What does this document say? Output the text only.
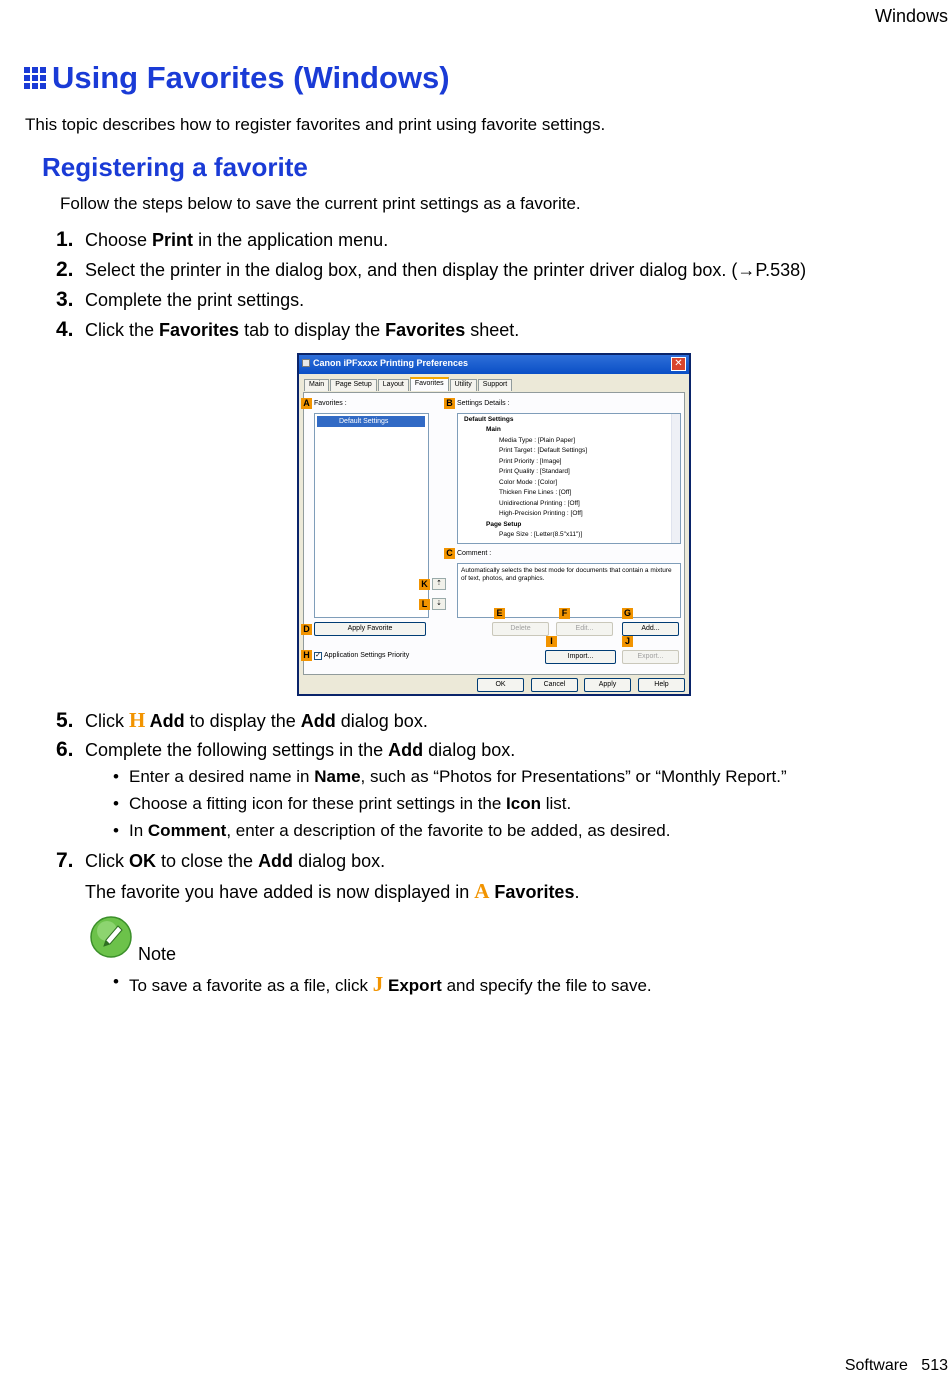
Windows
Using Favorites (Windows)
This topic describes how to register favorites and print using favorite settings.
Registering a favorite
Follow the steps below to save the current print settings as a favorite.
1. Choose Print in the application menu.
2. Select the printer in the dialog box, and then display the printer driver dialog box. (→P.538)
3. Complete the print settings.
4. Click the Favorites tab to display the Favorites sheet.
Canon iPFxxxx Printing Preferences	✕
Main	Page Setup	Layout	Favorites	Utility	Support
A Favorites :
Default Settings
B Settings Details :
Default Settings
Main
Media Type : [Plain Paper]
Print Target : [Default Settings]
Print Priority : [Image]
Print Quality : [Standard]
Color Mode : [Color]
Thicken Fine Lines : [Off]
Unidirectional Printing : [Off]
High-Precision Printing : [Off]
Page Setup
Page Size : [Letter(8.5"x11")]
C Comment :
Automatically selects the best mode for documents that contain a mixture of text, photos, and graphics.
K	⇡
L	⇣
D	Apply Favorite
E	F	G
Delete	Edit...	Add...
I	J
H ✓ Application Settings Priority	Import...	Export...
OK	Cancel	Apply	Help
5. Click H Add to display the Add dialog box.
6. Complete the following settings in the Add dialog box.
• Enter a desired name in Name, such as “Photos for Presentations” or “Monthly Report.”
• Choose a fitting icon for these print settings in the Icon list.
• In Comment, enter a description of the favorite to be added, as desired.
7. Click OK to close the Add dialog box.
The favorite you have added is now displayed in A Favorites.
Note
• To save a favorite as a file, click J Export and specify the file to save.
Software 513
